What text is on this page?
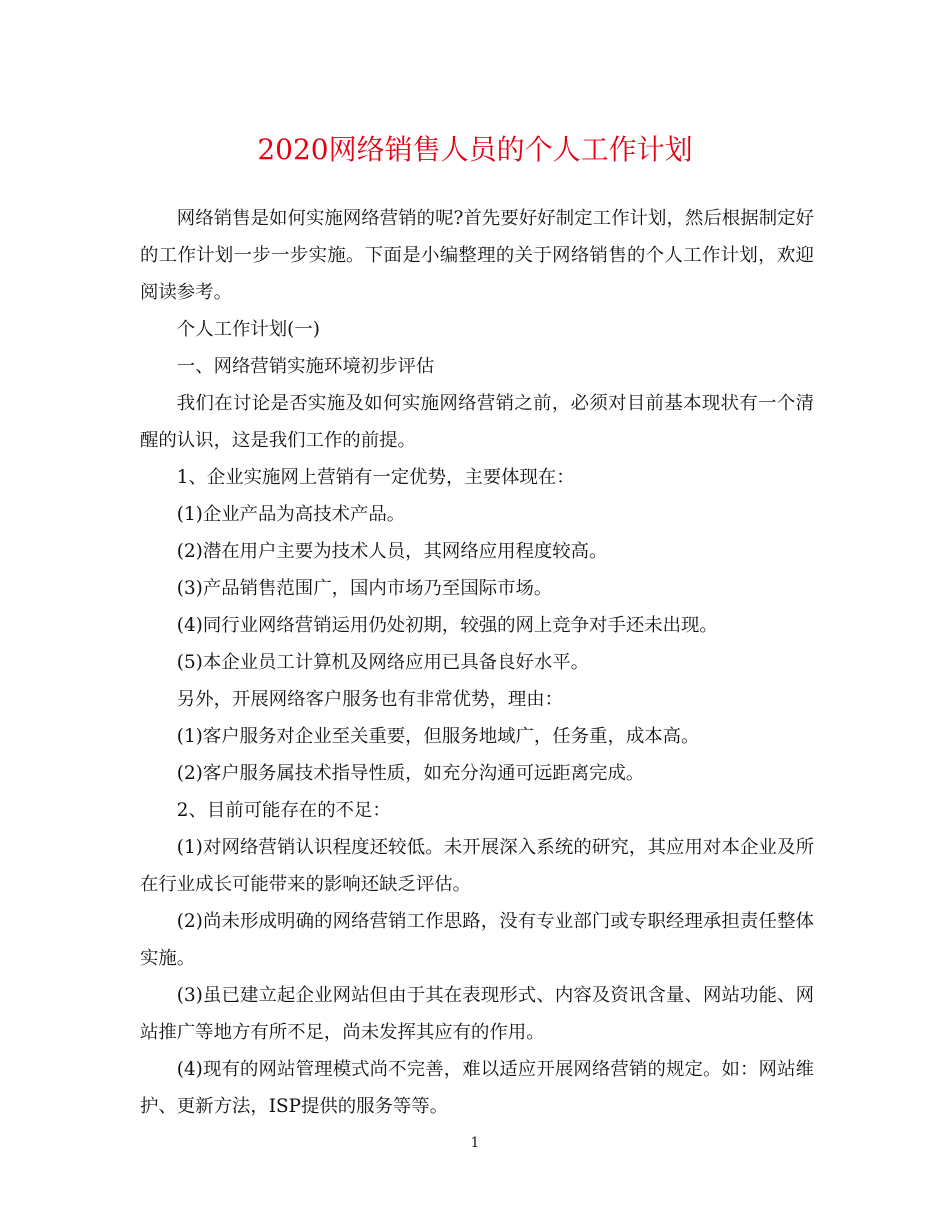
2020网络销售人员的个人工作计划

网络销售是如何实施网络营销的呢?首先要好好制定工作计划，然后根据制定好的工作计划一步一步实施。下面是小编整理的关于网络销售的个人工作计划，欢迎阅读参考。

个人工作计划(一)

一、网络营销实施环境初步评估

我们在讨论是否实施及如何实施网络营销之前，必须对目前基本现状有一个清醒的认识，这是我们工作的前提。

1、企业实施网上营销有一定优势，主要体现在：

(1)企业产品为高技术产品。

(2)潜在用户主要为技术人员，其网络应用程度较高。

(3)产品销售范围广，国内市场乃至国际市场。

(4)同行业网络营销运用仍处初期，较强的网上竞争对手还未出现。

(5)本企业员工计算机及网络应用已具备良好水平。

另外，开展网络客户服务也有非常优势，理由：

(1)客户服务对企业至关重要，但服务地域广，任务重，成本高。

(2)客户服务属技术指导性质，如充分沟通可远距离完成。

2、目前可能存在的不足：

(1)对网络营销认识程度还较低。未开展深入系统的研究，其应用对本企业及所在行业成长可能带来的影响还缺乏评估。

(2)尚未形成明确的网络营销工作思路，没有专业部门或专职经理承担责任整体实施。

(3)虽已建立起企业网站但由于其在表现形式、内容及资讯含量、网站功能、网站推广等地方有所不足，尚未发挥其应有的作用。

(4)现有的网站管理模式尚不完善，难以适应开展网络营销的规定。如：网站维护、更新方法，ISP提供的服务等等。

1
